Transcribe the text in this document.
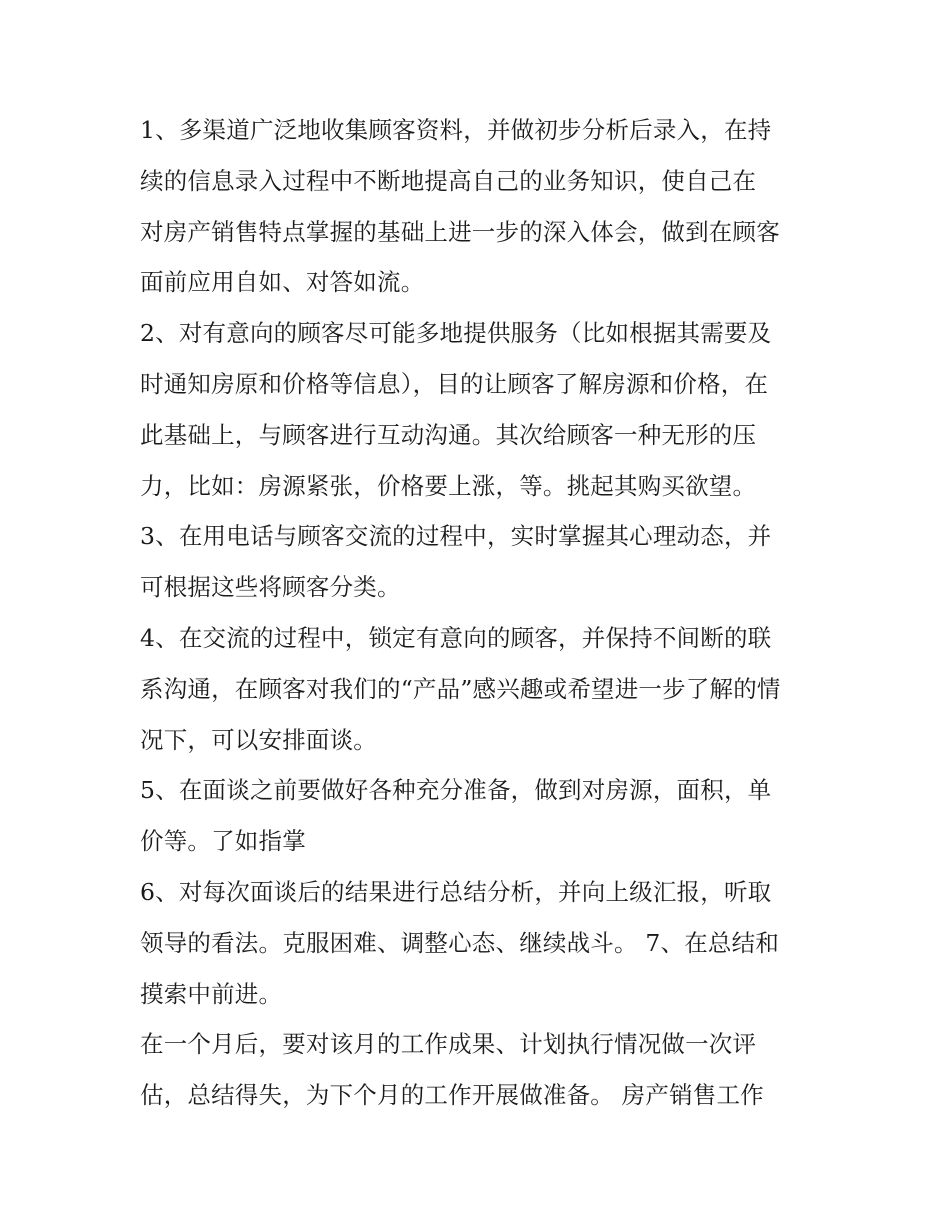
1、多渠道广泛地收集顾客资料，并做初步分析后录入，在持
续的信息录入过程中不断地提高自己的业务知识，使自己在
对房产销售特点掌握的基础上进一步的深入体会，做到在顾客
面前应用自如、对答如流。
2、对有意向的顾客尽可能多地提供服务（比如根据其需要及
时通知房原和价格等信息），目的让顾客了解房源和价格，在
此基础上，与顾客进行互动沟通。其次给顾客一种无形的压
力，比如：房源紧张，价格要上涨，等。挑起其购买欲望。
3、在用电话与顾客交流的过程中，实时掌握其心理动态，并
可根据这些将顾客分类。
4、在交流的过程中，锁定有意向的顾客，并保持不间断的联
系沟通，在顾客对我们的“产品”感兴趣或希望进一步了解的情
况下，可以安排面谈。
5、在面谈之前要做好各种充分准备，做到对房源，面积，单
价等。了如指掌
6、对每次面谈后的结果进行总结分析，并向上级汇报，听取
领导的看法。克服困难、调整心态、继续战斗。 7、在总结和
摸索中前进。
在一个月后，要对该月的工作成果、计划执行情况做一次评
估，总结得失，为下个月的工作开展做准备。 房产销售工作
